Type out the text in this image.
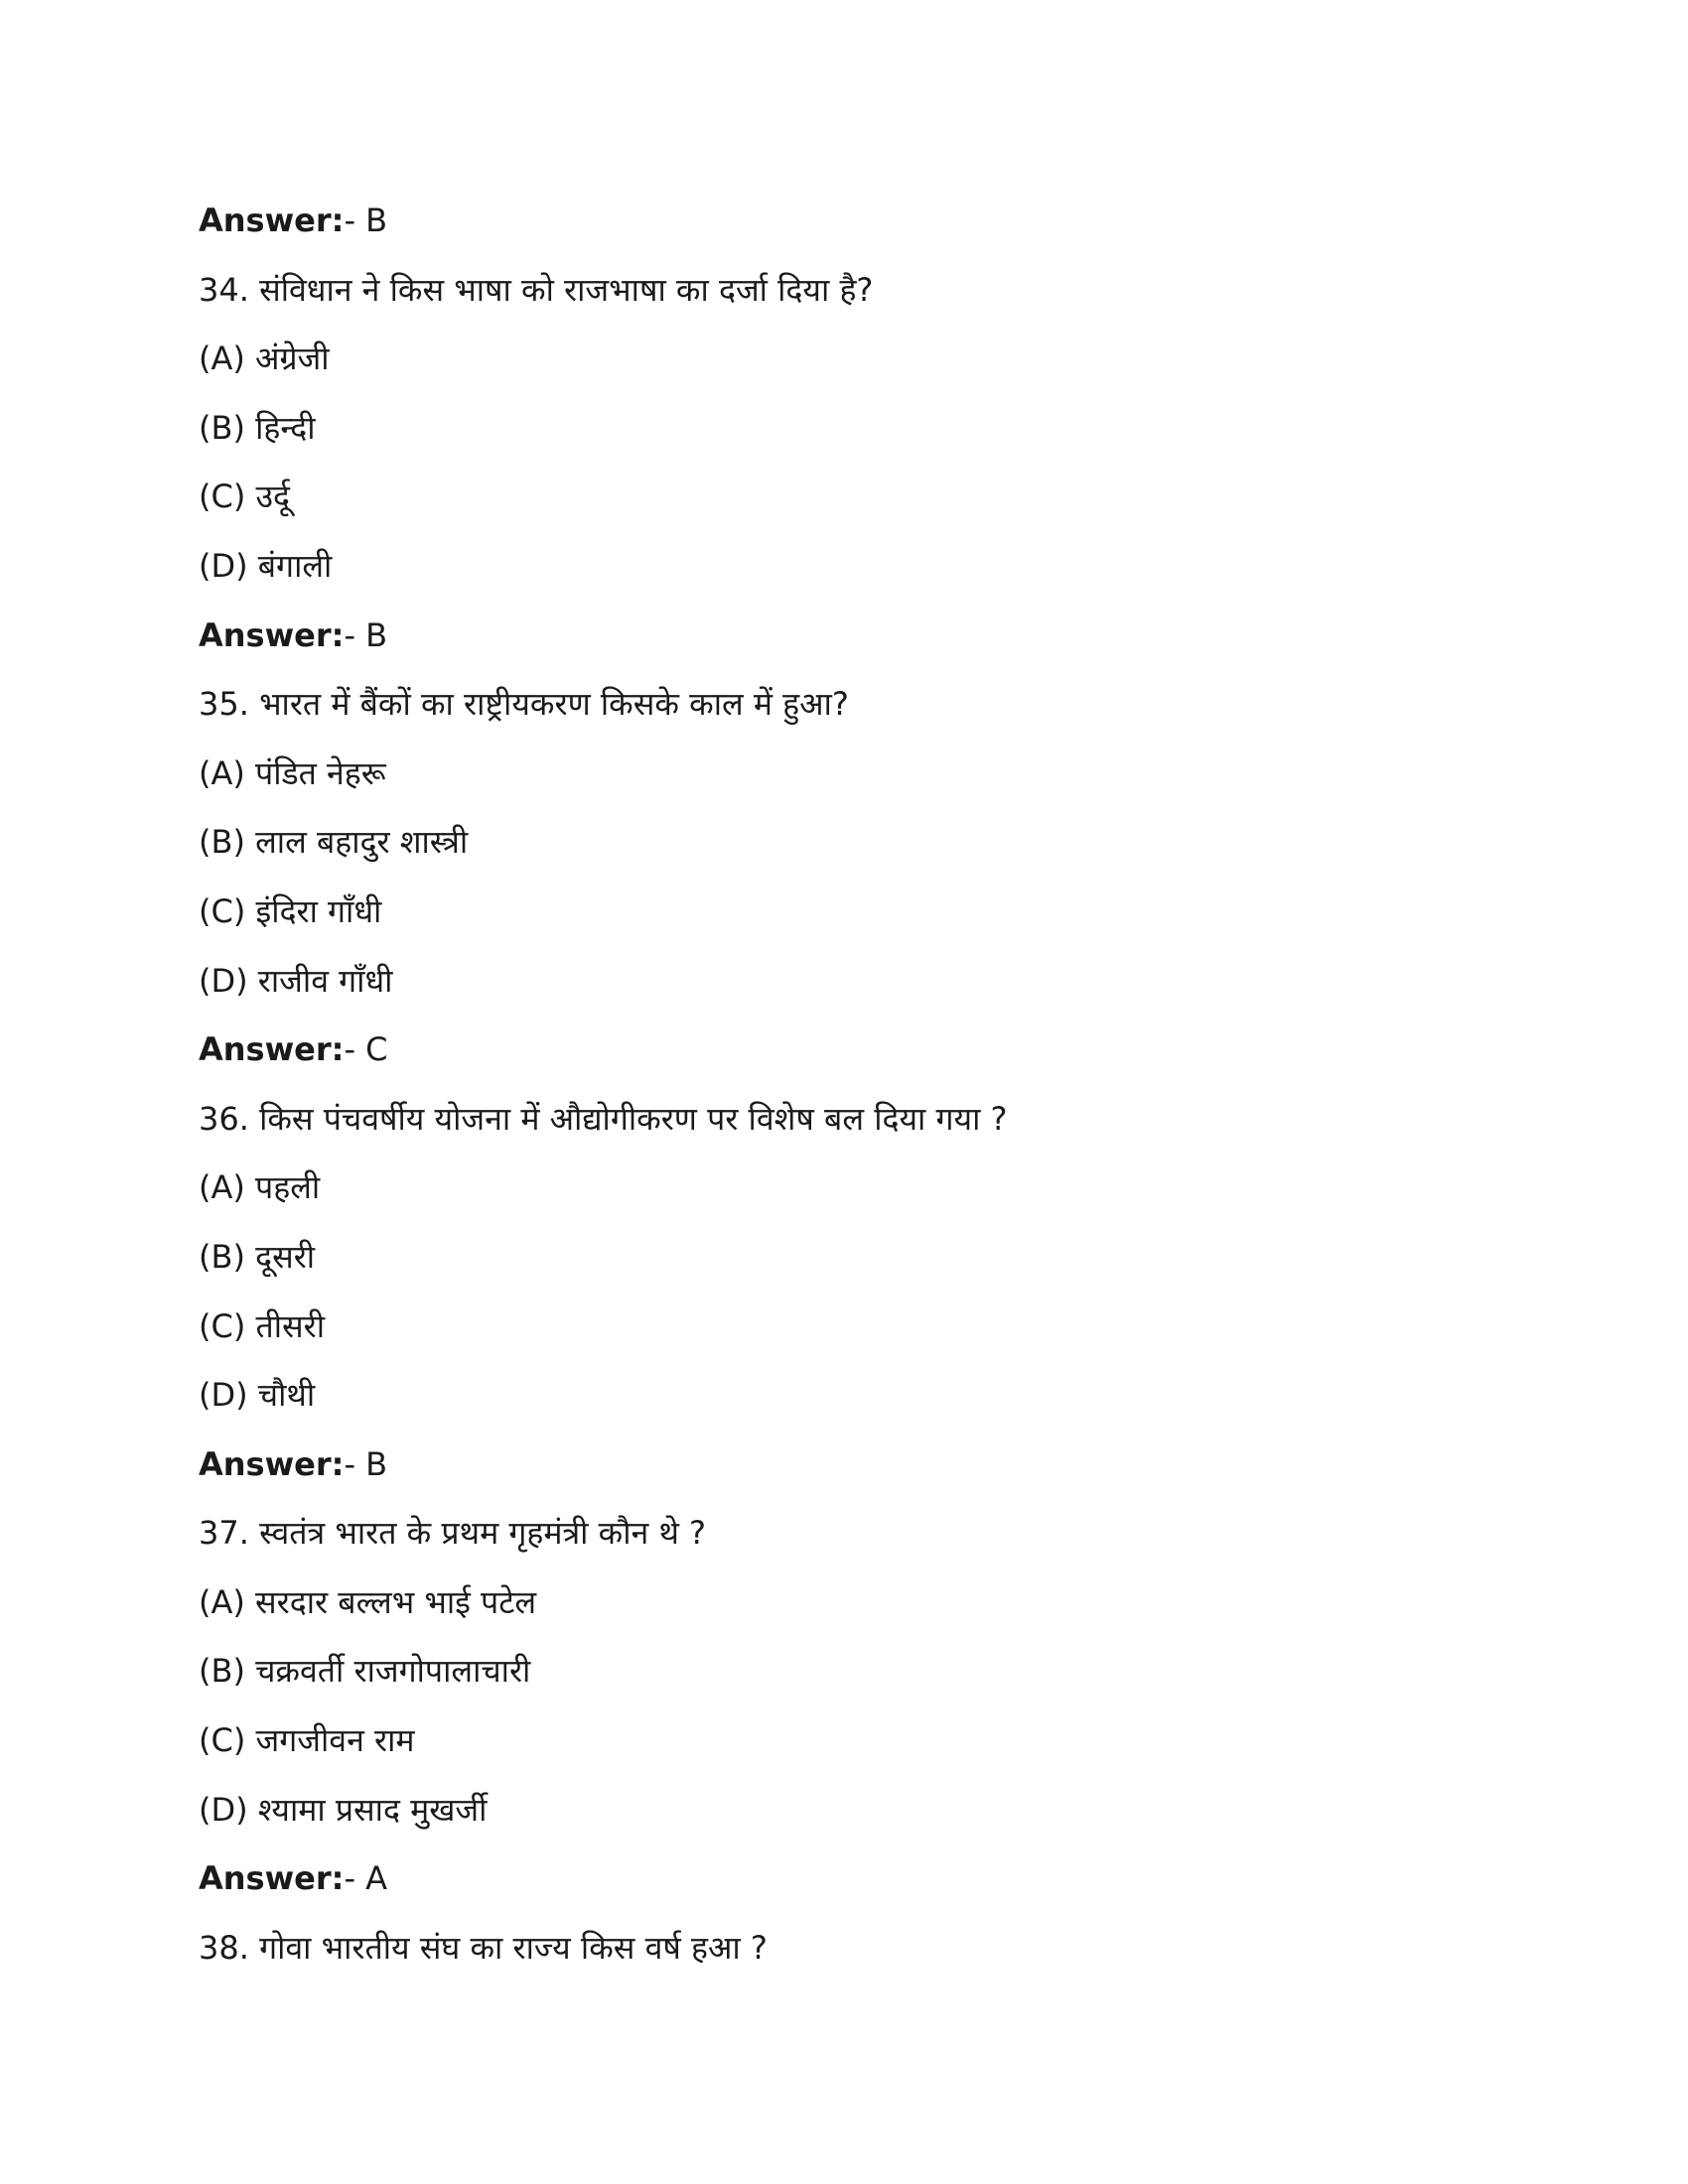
Answer:- B
34. संविधान ने किस भाषा को राजभाषा का दर्जा दिया है?
(A) अंग्रेजी
(B) हिन्दी
(C) उर्दू
(D) बंगाली
Answer:- B
35. भारत में बैंकों का राष्ट्रीयकरण किसके काल में हुआ?
(A) पंडित नेहरू
(B) लाल बहादुर शास्त्री
(C) इंदिरा गाँधी
(D) राजीव गाँधी
Answer:- C
36. किस पंचवर्षीय योजना में औद्योगीकरण पर विशेष बल दिया गया ?
(A) पहली
(B) दूसरी
(C) तीसरी
(D) चौथी
Answer:- B
37. स्वतंत्र भारत के प्रथम गृहमंत्री कौन थे ?
(A) सरदार बल्लभ भाई पटेल
(B) चक्रवर्ती राजगोपालाचारी
(C) जगजीवन राम
(D) श्यामा प्रसाद मुखर्जी
Answer:- A
38. गोवा भारतीय संघ का राज्य किस वर्ष हआ ?
